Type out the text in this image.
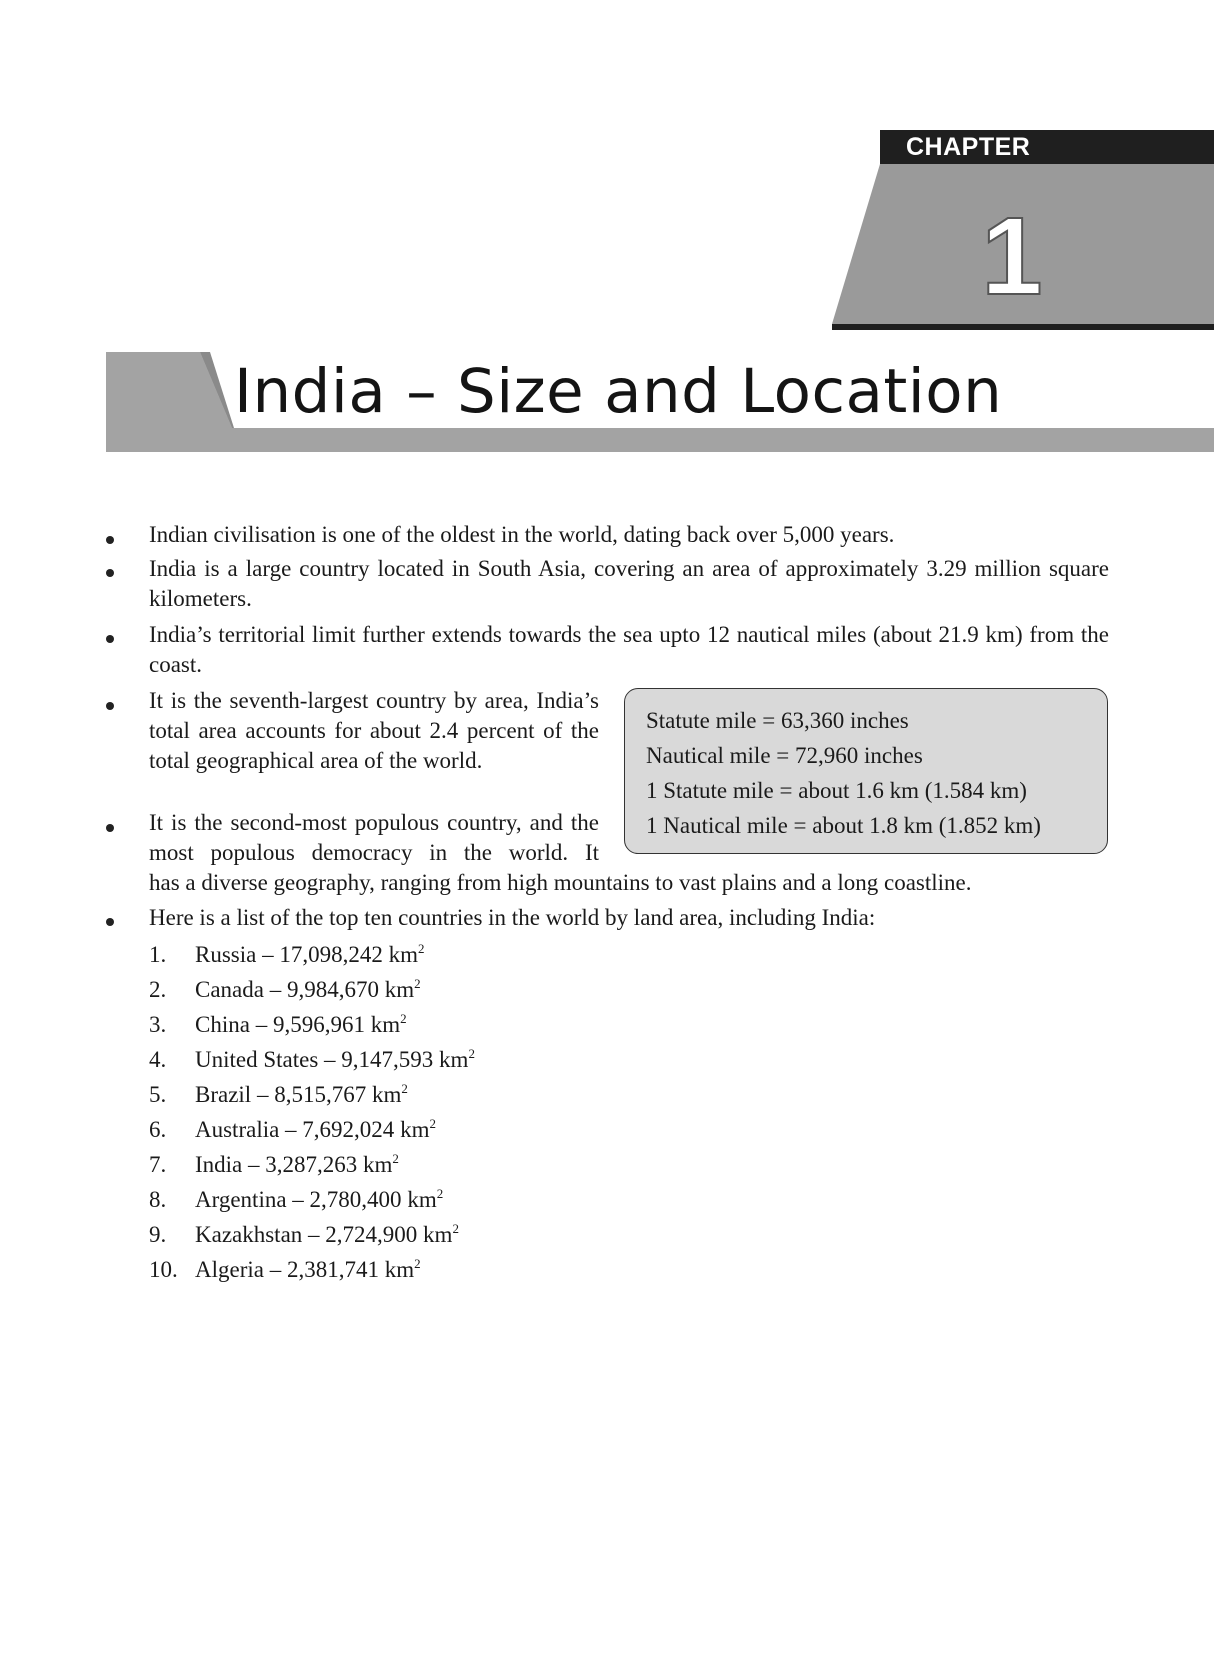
CHAPTER
1
India – Size and Location
Indian civilisation is one of the oldest in the world, dating back over 5,000 years.
India is a large country located in South Asia, covering an area of approximately 3.29 million square kilometers.
India’s territorial limit further extends towards the sea upto 12 nautical miles (about 21.9 km) from the coast.
It is the seventh-largest country by area, India’s total area accounts for about 2.4 percent of the total geographical area of the world.
It is the second-most populous country, and the most populous democracy in the world. It
has a diverse geography, ranging from high mountains to vast plains and a long coastline.
Here is a list of the top ten countries in the world by land area, including India:
Statute mile = 63,360 inches
Nautical mile = 72,960 inches
1 Statute mile = about 1.6 km (1.584 km)
1 Nautical mile = about 1.8 km (1.852 km)
1. Russia – 17,098,242 $km^2$
2. Canada – 9,984,670 $km^2$
3. China – 9,596,961 $km^2$
4. United States – 9,147,593 $km^2$
5. Brazil – 8,515,767 $km^2$
6. Australia – 7,692,024 $km^2$
7. India – 3,287,263 $km^2$
8. Argentina – 2,780,400 $km^2$
9. Kazakhstan – 2,724,900 $km^2$
10. Algeria – 2,381,741 $km^2$
